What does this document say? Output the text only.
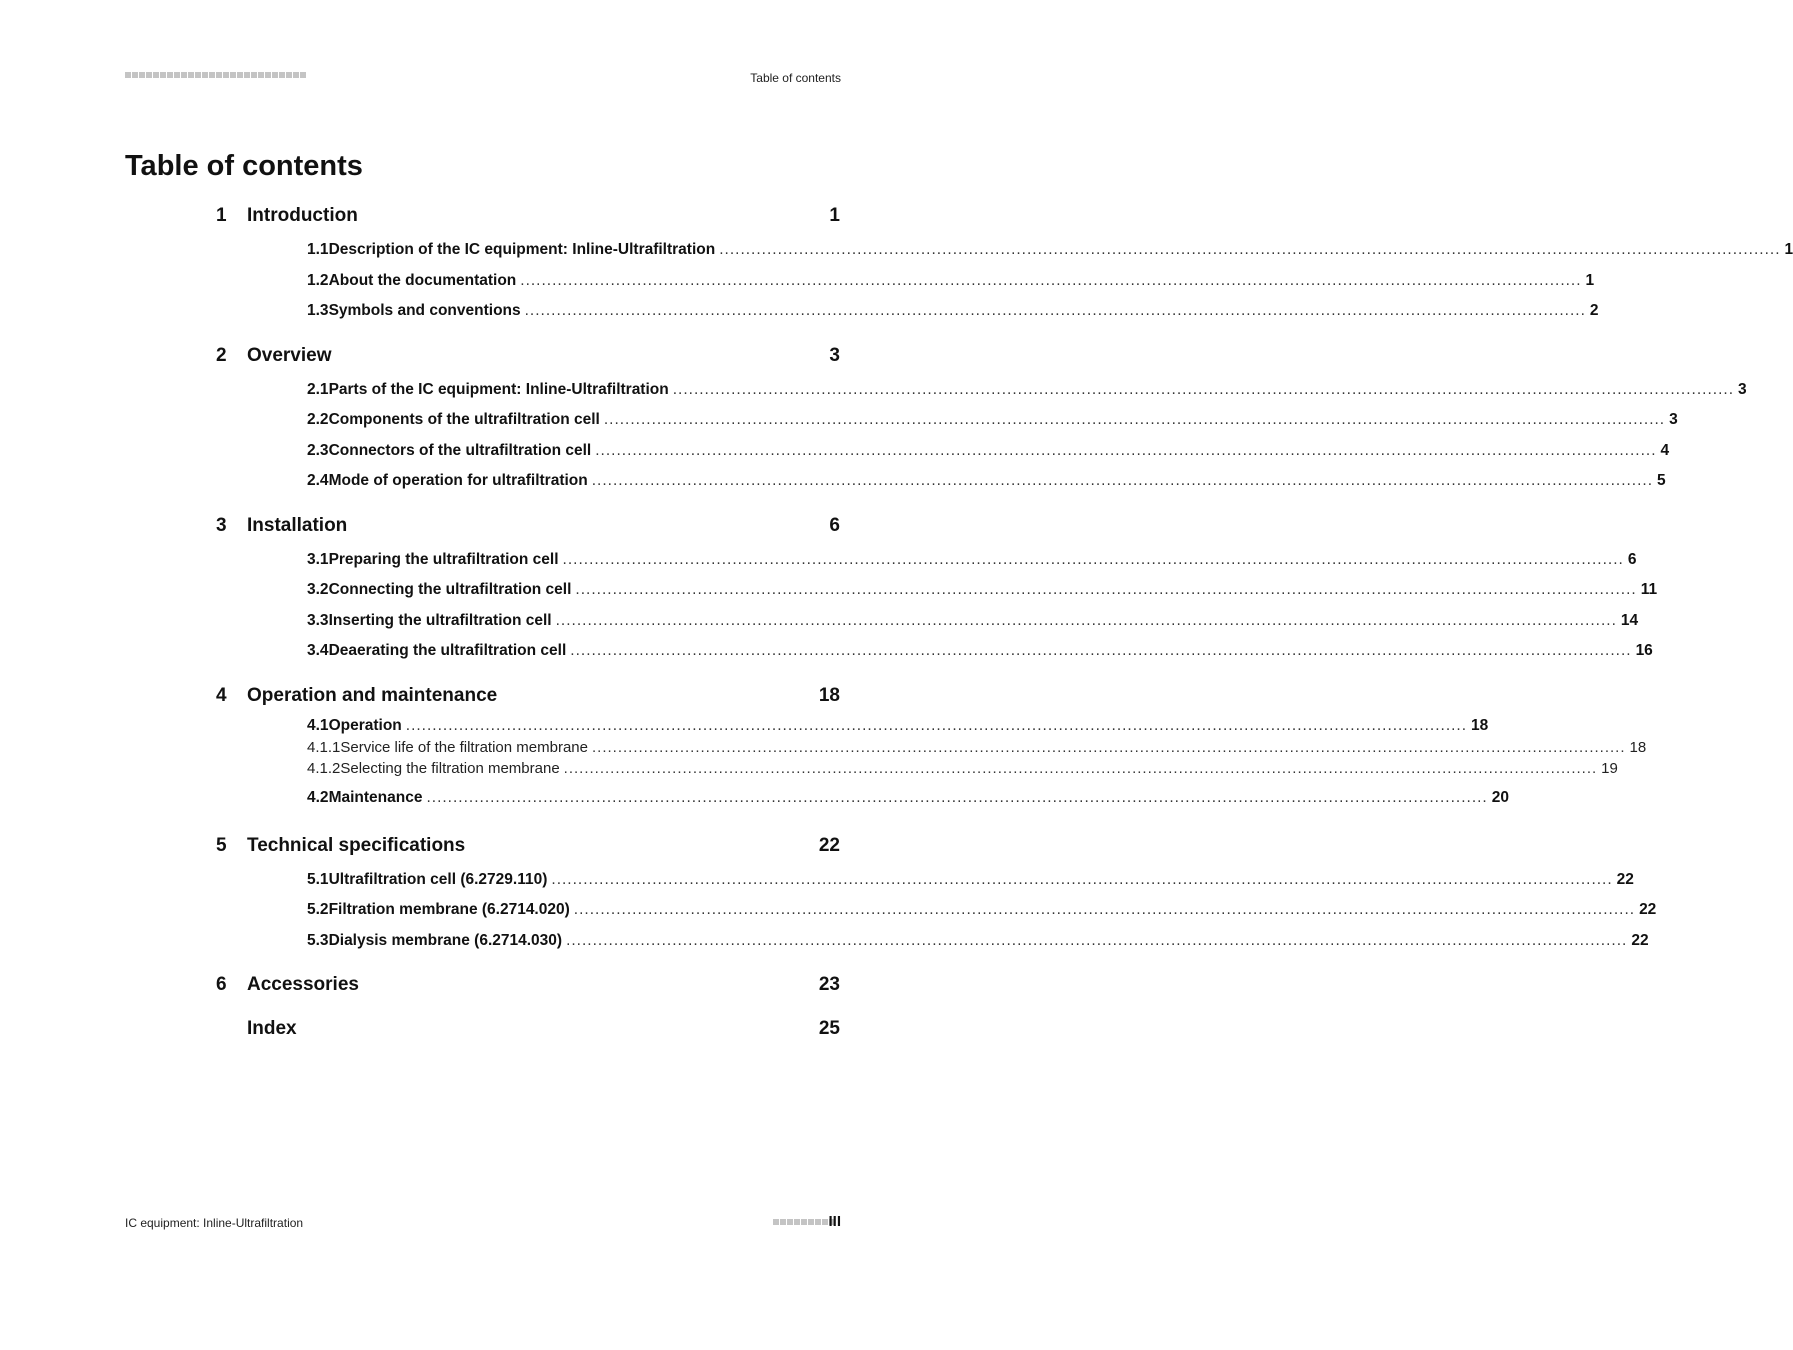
Table of contents
Table of contents
1	Introduction	1
1.1 Description of the IC equipment: Inline-Ultrafiltration ........................................................................................................................................................................................................ 1
1.2 About the documentation ........................................................................................................................................................................................................ 1
1.3 Symbols and conventions ........................................................................................................................................................................................................ 2
2	Overview	3
2.1 Parts of the IC equipment: Inline-Ultrafiltration ........................................................................................................................................................................................................ 3
2.2 Components of the ultrafiltration cell ........................................................................................................................................................................................................ 3
2.3 Connectors of the ultrafiltration cell ........................................................................................................................................................................................................ 4
2.4 Mode of operation for ultrafiltration ........................................................................................................................................................................................................ 5
3	Installation	6
3.1 Preparing the ultrafiltration cell ........................................................................................................................................................................................................ 6
3.2 Connecting the ultrafiltration cell ........................................................................................................................................................................................................ 11
3.3 Inserting the ultrafiltration cell ........................................................................................................................................................................................................ 14
3.4 Deaerating the ultrafiltration cell ........................................................................................................................................................................................................ 16
4	Operation and maintenance	18
4.1 Operation ........................................................................................................................................................................................................ 18
4.1.1 Service life of the filtration membrane ........................................................................................................................................................................................................ 18
4.1.2 Selecting the filtration membrane ........................................................................................................................................................................................................ 19
4.2 Maintenance ........................................................................................................................................................................................................ 20
5	Technical specifications	22
5.1 Ultrafiltration cell (6.2729.110) ........................................................................................................................................................................................................ 22
5.2 Filtration membrane (6.2714.020) ........................................................................................................................................................................................................ 22
5.3 Dialysis membrane (6.2714.030) ........................................................................................................................................................................................................ 22
6	Accessories	23
Index	25
IC equipment: Inline-Ultrafiltration	III
